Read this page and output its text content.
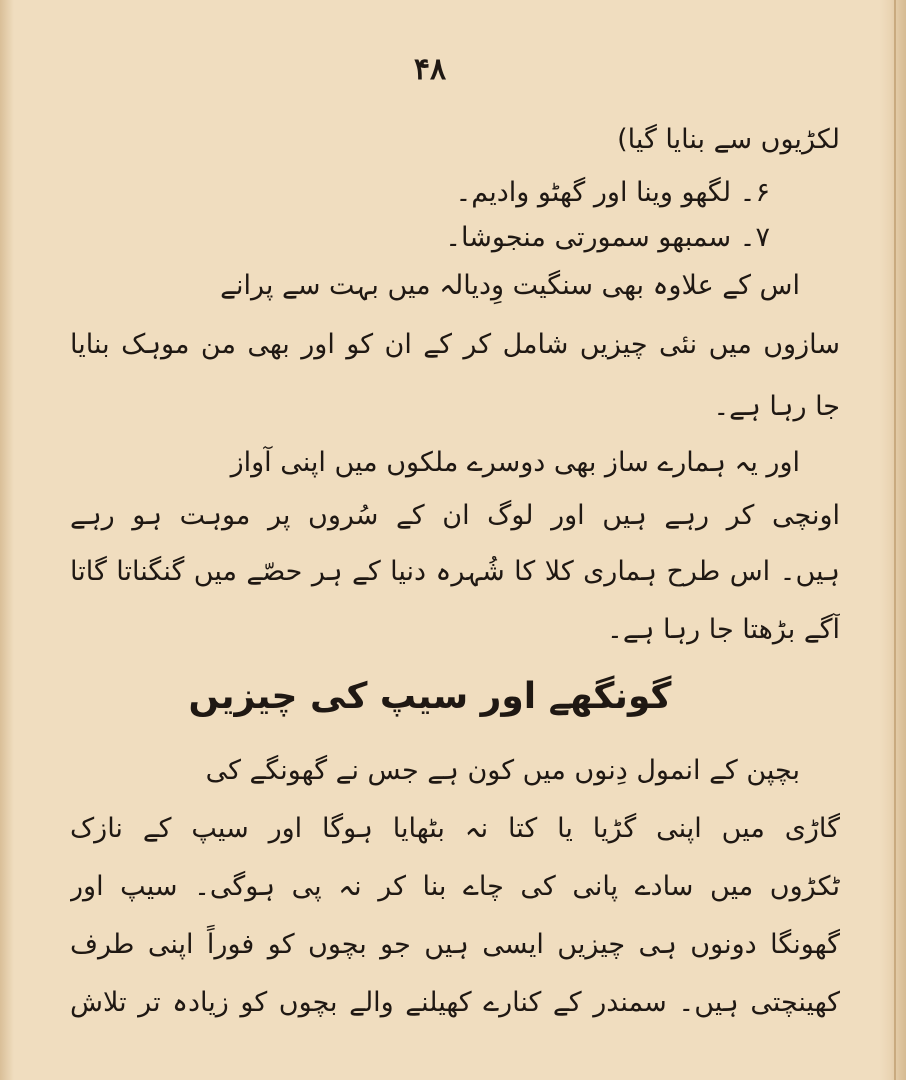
۴۸
لکڑیوں سے بنایا گیا)
۶۔ لگھو وینا اور گھٹو وادیم۔
۷۔ سمبھو سمورتی منجوشا۔
اس کے علاوہ بھی سنگیت وِدیالہ میں بہت سے پرانے
سازوں میں نئی چیزیں شامل کر کے ان کو اور بھی من موہک بنایا
جا رہا ہے۔
اور یہ ہمارے ساز بھی دوسرے ملکوں میں اپنی آواز
اونچی کر رہے ہیں اور لوگ ان کے سُروں پر موہت ہو رہے
ہیں۔ اس طرح ہماری کلا کا شُہرہ دنیا کے ہر حصّے میں گنگناتا گاتا
آگے بڑھتا جا رہا ہے۔
گونگھے اور سیپ کی چیزیں
بچپن کے انمول دِنوں میں کون ہے جس نے گھونگے کی
گاڑی میں اپنی گڑیا یا کتا نہ بٹھایا ہوگا اور سیپ کے نازک
ٹکڑوں میں سادے پانی کی چاے بنا کر نہ پی ہوگی۔ سیپ اور
گھونگا دونوں ہی چیزیں ایسی ہیں جو بچوں کو فوراً اپنی طرف
کھینچتی ہیں۔ سمندر کے کنارے کھیلنے والے بچوں کو زیادہ تر تلاش
